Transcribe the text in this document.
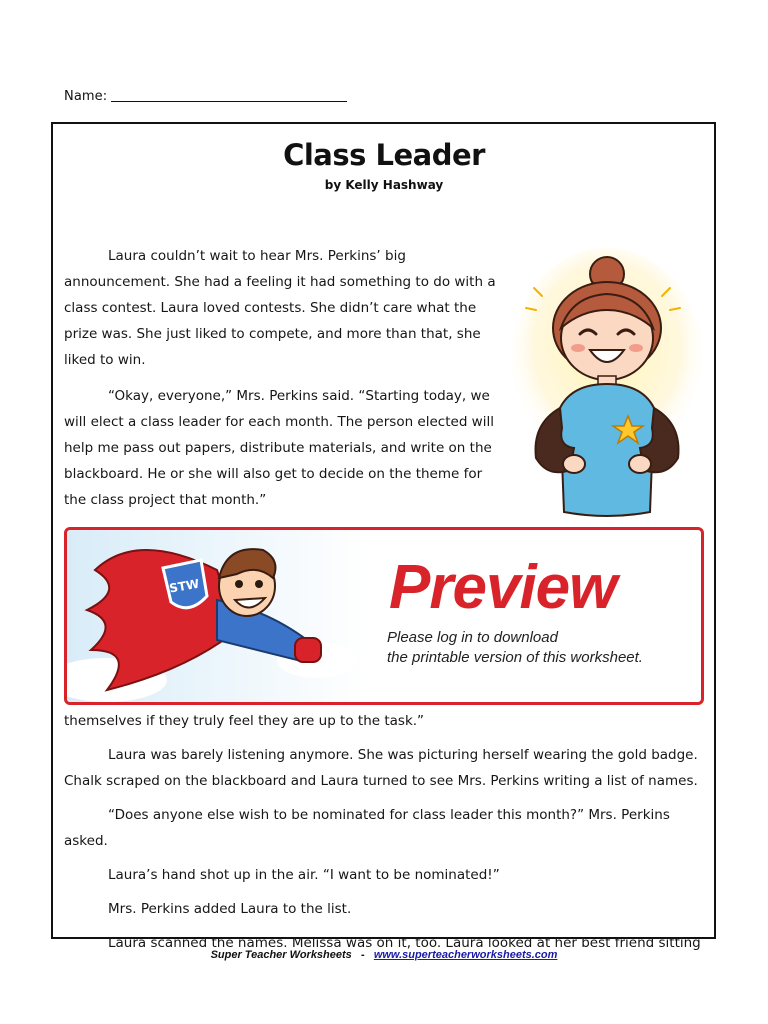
Name:
Class Leader
by Kelly Hashway

Laura couldn’t wait to hear Mrs. Perkins’ big announcement. She had a feeling it had something to do with a class contest. Laura loved contests. She didn’t care what the prize was. She just liked to compete, and more than that, she liked to win.

“Okay, everyone,” Mrs. Perkins said. “Starting today, we will elect a class leader for each month. The person elected will help me pass out papers, distribute materials, and write on the blackboard. He or she will also get to decide on the theme for the class project that month.”

STW	Preview
Please log in to download
the printable version of this worksheet.

themselves if they truly feel they are up to the task.”

Laura was barely listening anymore. She was picturing herself wearing the gold badge. Chalk scraped on the blackboard and Laura turned to see Mrs. Perkins writing a list of names.

“Does anyone else wish to be nominated for class leader this month?” Mrs. Perkins asked.

Laura’s hand shot up in the air. “I want to be nominated!”

Mrs. Perkins added Laura to the list.

Laura scanned the names. Melissa was on it, too. Laura looked at her best friend sitting

Super Teacher Worksheets - www.superteacherworksheets.com
